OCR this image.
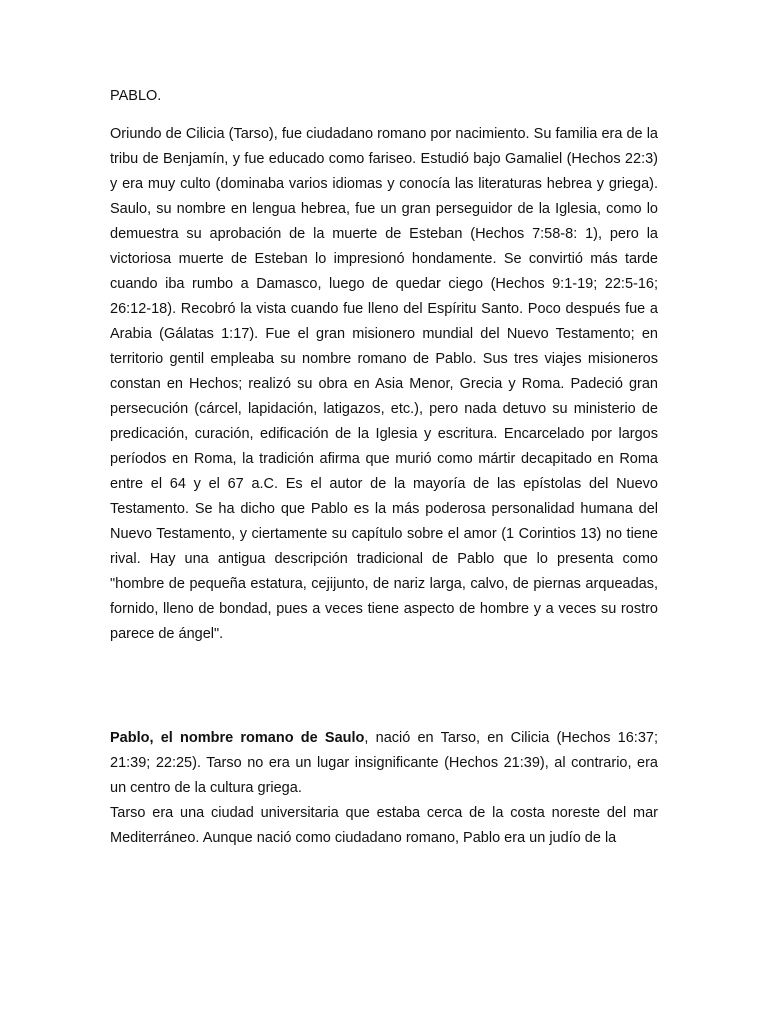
PABLO.

Oriundo de Cilicia (Tarso), fue ciudadano romano por nacimiento. Su familia era de la tribu de Benjamín, y fue educado como fariseo. Estudió bajo Gamaliel (Hechos 22:3) y era muy culto (dominaba varios idiomas y conocía las literaturas hebrea y griega). Saulo, su nombre en lengua hebrea, fue un gran perseguidor de la Iglesia, como lo demuestra su aprobación de la muerte de Esteban (Hechos 7:58-8: 1), pero la victoriosa muerte de Esteban lo impresionó hondamente. Se convirtió más tarde cuando iba rumbo a Damasco, luego de quedar ciego (Hechos 9:1-19; 22:5-16; 26:12-18). Recobró la vista cuando fue lleno del Espíritu Santo. Poco después fue a Arabia (Gálatas 1:17). Fue el gran misionero mundial del Nuevo Testamento; en territorio gentil empleaba su nombre romano de Pablo. Sus tres viajes misioneros constan en Hechos; realizó su obra en Asia Menor, Grecia y Roma. Padeció gran persecución (cárcel, lapidación, latigazos, etc.), pero nada detuvo su ministerio de predicación, curación, edificación de la Iglesia y escritura. Encarcelado por largos períodos en Roma, la tradición afirma que murió como mártir decapitado en Roma entre el 64 y el 67 a.C. Es el autor de la mayoría de las epístolas del Nuevo Testamento. Se ha dicho que Pablo es la más poderosa personalidad humana del Nuevo Testamento, y ciertamente su capítulo sobre el amor (1 Corintios 13) no tiene rival. Hay una antigua descripción tradicional de Pablo que lo presenta como "hombre de pequeña estatura, cejijunto, de nariz larga, calvo, de piernas arqueadas, fornido, lleno de bondad, pues a veces tiene aspecto de hombre y a veces su rostro parece de ángel".

Pablo, el nombre romano de Saulo, nació en Tarso, en Cilicia (Hechos 16:37; 21:39; 22:25). Tarso no era un lugar insignificante (Hechos 21:39), al contrario, era un centro de la cultura griega.

Tarso era una ciudad universitaria que estaba cerca de la costa noreste del mar Mediterráneo. Aunque nació como ciudadano romano, Pablo era un judío de la
